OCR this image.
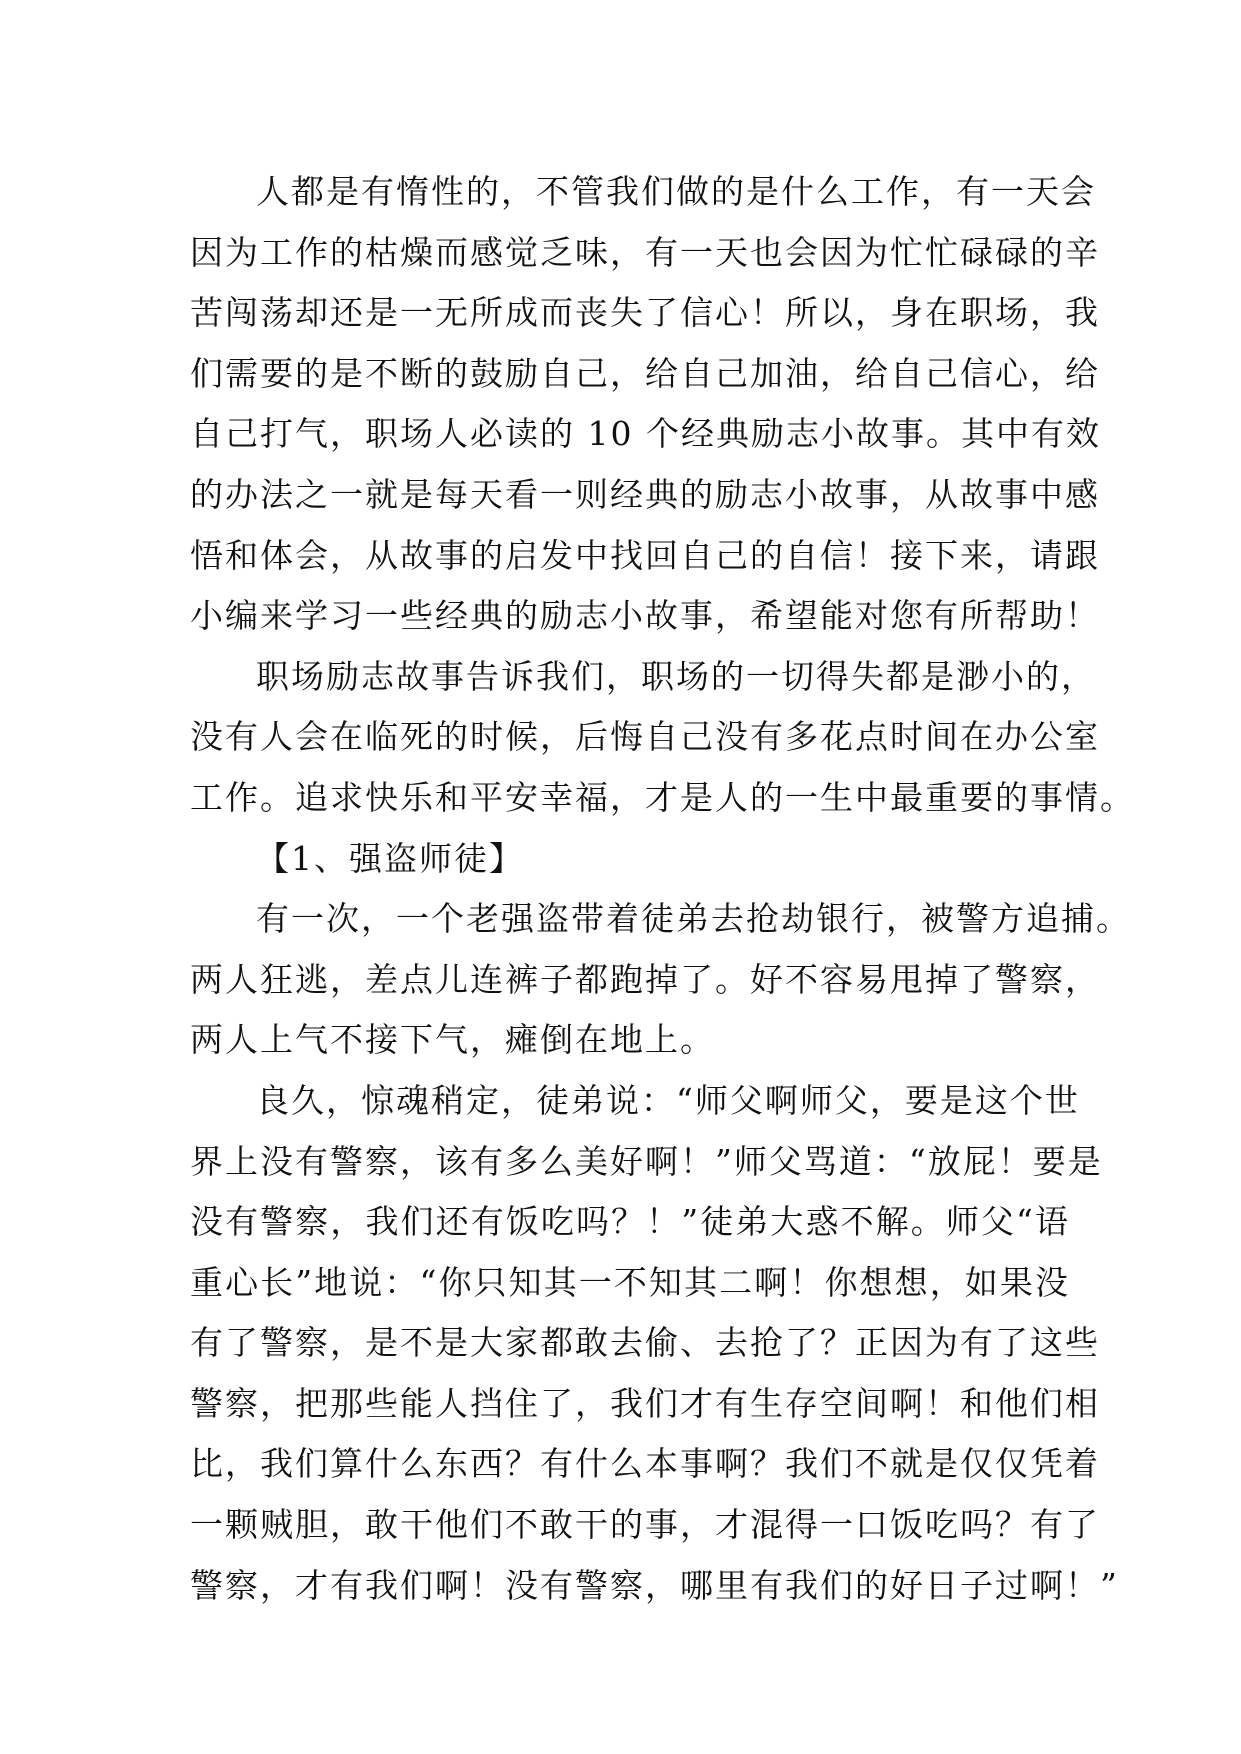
人都是有惰性的，不管我们做的是什么工作，有一天会
因为工作的枯燥而感觉乏味，有一天也会因为忙忙碌碌的辛
苦闯荡却还是一无所成而丧失了信心！所以，身在职场，我
们需要的是不断的鼓励自己，给自己加油，给自己信心，给
自己打气，职场人必读的 10 个经典励志小故事。其中有效
的办法之一就是每天看一则经典的励志小故事，从故事中感
悟和体会，从故事的启发中找回自己的自信！接下来，请跟
小编来学习一些经典的励志小故事，希望能对您有所帮助！
职场励志故事告诉我们，职场的一切得失都是渺小的，
没有人会在临死的时候，后悔自己没有多花点时间在办公室
工作。追求快乐和平安幸福，才是人的一生中最重要的事情。
【1、强盗师徒】
有一次，一个老强盗带着徒弟去抢劫银行，被警方追捕。
两人狂逃，差点儿连裤子都跑掉了。好不容易甩掉了警察，
两人上气不接下气，瘫倒在地上。
良久，惊魂稍定，徒弟说：“师父啊师父，要是这个世
界上没有警察，该有多么美好啊！”师父骂道：“放屁！要是
没有警察，我们还有饭吃吗？！”徒弟大惑不解。师父“语
重心长”地说：“你只知其一不知其二啊！你想想，如果没
有了警察，是不是大家都敢去偷、去抢了？正因为有了这些
警察，把那些能人挡住了，我们才有生存空间啊！和他们相
比，我们算什么东西？有什么本事啊？我们不就是仅仅凭着
一颗贼胆，敢干他们不敢干的事，才混得一口饭吃吗？有了
警察，才有我们啊！没有警察，哪里有我们的好日子过啊！”
